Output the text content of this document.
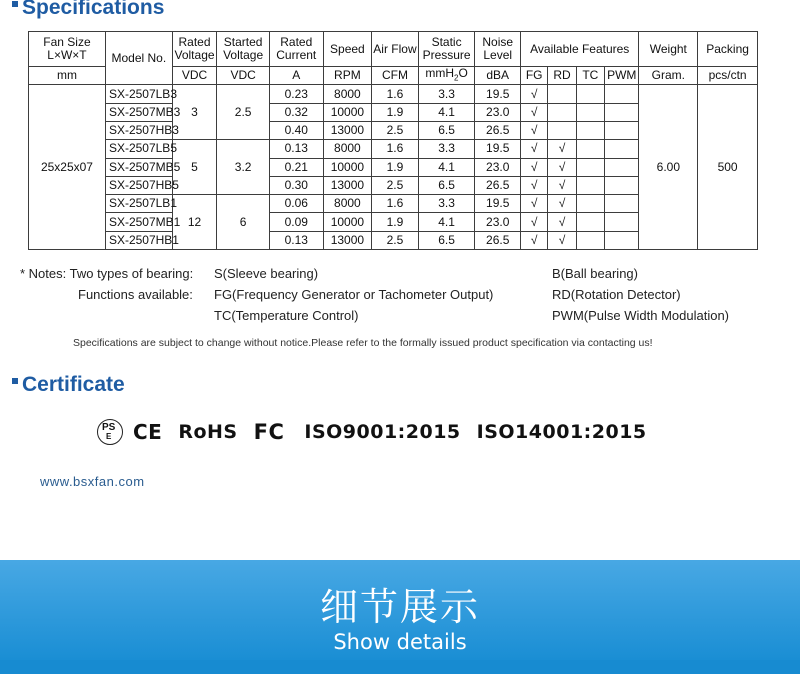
Specifications
Fan Size
L×W×T	Model No.	Rated Voltage	Started Voltage	Rated Current	Speed	Air Flow	Static Pressure	Noise Level	Available Features				Weight	Packing
mm		VDC	VDC	A	RPM	CFM	mmH$_2$O	dBA	FG	RD	TC	PWM	Gram.	pcs/ctn
25x25x07	SX-2507LB3	3	2.5	0.23	8000	1.6	3.3	19.5	√				6.00	500
	SX-2507MB3			0.32	10000	1.9	4.1	23.0	√					
	SX-2507HB3			0.40	13000	2.5	6.5	26.5	√					
	SX-2507LB5	5	3.2	0.13	8000	1.6	3.3	19.5	√	√				
	SX-2507MB5			0.21	10000	1.9	4.1	23.0	√	√				
	SX-2507HB5			0.30	13000	2.5	6.5	26.5	√	√				
	SX-2507LB1	12	6	0.06	8000	1.6	3.3	19.5	√	√				
	SX-2507MB1			0.09	10000	1.9	4.1	23.0	√	√				
	SX-2507HB1			0.13	13000	2.5	6.5	26.5	√	√				
* Notes: Two types of bearing: S(Sleeve bearing)	B(Ball bearing)
Functions available: FG(Frequency Generator or Tachometer Output)	RD(Rotation Detector)
TC(Temperature Control)	PWM(Pulse Width Modulation)
Specifications are subject to change without notice.Please refer to the formally issued product specification via contacting us!
Certificate
PS
E CE RoHS FC ISO9001:2015 ISO14001:2015
www.bsxfan.com
细节展示
Show details
